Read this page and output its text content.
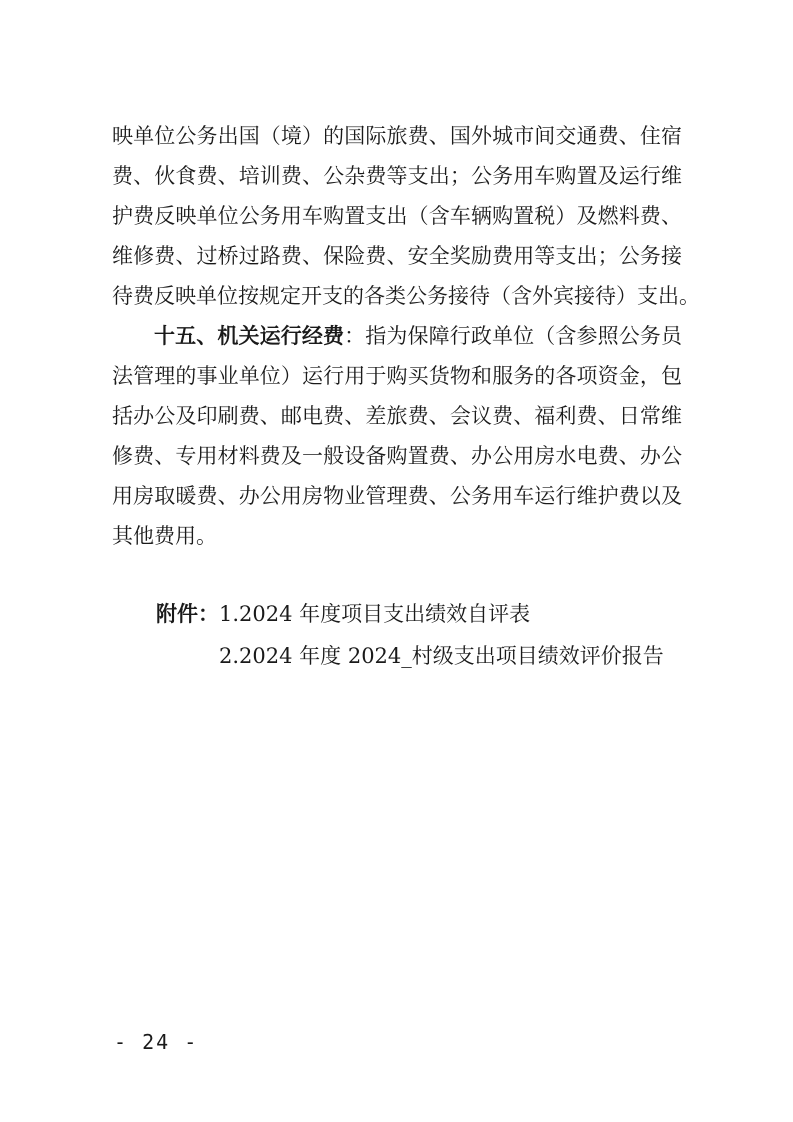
映单位公务出国（境）的国际旅费、国外城市间交通费、住宿
费、伙食费、培训费、公杂费等支出；公务用车购置及运行维
护费反映单位公务用车购置支出（含车辆购置税）及燃料费、
维修费、过桥过路费、保险费、安全奖励费用等支出；公务接
待费反映单位按规定开支的各类公务接待（含外宾接待）支出。
十五、机关运行经费：指为保障行政单位（含参照公务员
法管理的事业单位）运行用于购买货物和服务的各项资金，包
括办公及印刷费、邮电费、差旅费、会议费、福利费、日常维
修费、专用材料费及一般设备购置费、办公用房水电费、办公
用房取暖费、办公用房物业管理费、公务用车运行维护费以及
其他费用。
附件：1.2024 年度项目支出绩效自评表
2.2024 年度 2024_村级支出项目绩效评价报告
- 24 -
